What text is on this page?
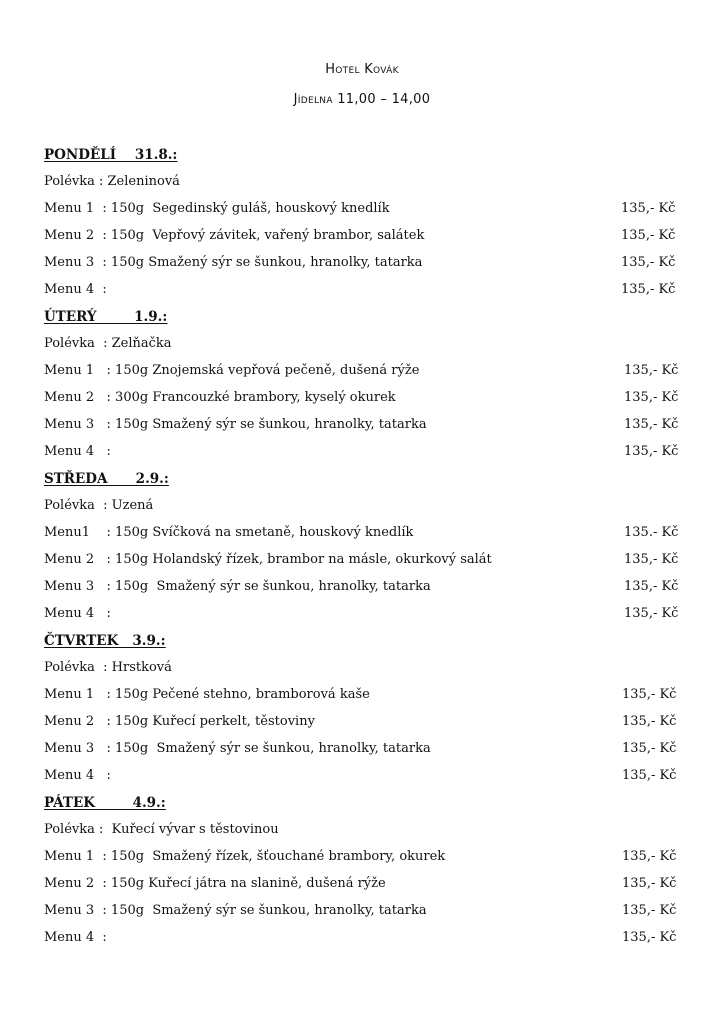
Hotel Kovák
Jídelna 11,00 – 14,00
PONDĚLÍ    31.8.:
Polévka : Zeleninová
Menu 1  : 150g  Segedinský guláš, houskový knedlík	135,- Kč
Menu 2  : 150g  Vepřový závitek, vařený brambor, salátek	135,- Kč
Menu 3  : 150g Smažený sýr se šunkou, hranolky, tatarka	135,- Kč
Menu 4  :	135,- Kč
ÚTERÝ        1.9.:
Polévka  : Zelňačka
Menu 1   : 150g Znojemská vepřová pečeně, dušená rýže	135,- Kč
Menu 2   : 300g Francouzké brambory, kyselý okurek	135,- Kč
Menu 3   : 150g Smažený sýr se šunkou, hranolky, tatarka	135,- Kč
Menu 4   :	135,- Kč
STŘEDA      2.9.:
Polévka  : Uzená
Menu1    : 150g Svíčková na smetaně, houskový knedlík	135.- Kč
Menu 2   : 150g Holandský řízek, brambor na másle, okurkový salát	135,- Kč
Menu 3   : 150g  Smažený sýr se šunkou, hranolky, tatarka	135,- Kč
Menu 4   :	135,- Kč
ČTVRTEK   3.9.:
Polévka  : Hrstková
Menu 1   : 150g Pečené stehno, bramborová kaše	135,- Kč
Menu 2   : 150g Kuřecí perkelt, těstoviny	135,- Kč
Menu 3   : 150g  Smažený sýr se šunkou, hranolky, tatarka	135,- Kč
Menu 4   :	135,- Kč
PÁTEK        4.9.:
Polévka :  Kuřecí vývar s těstovinou
Menu 1  : 150g  Smažený řízek, šťouchané brambory, okurek	135,- Kč
Menu 2  : 150g Kuřecí játra na slanině, dušená rýže	135,- Kč
Menu 3  : 150g  Smažený sýr se šunkou, hranolky, tatarka	135,- Kč
Menu 4  :	135,- Kč
